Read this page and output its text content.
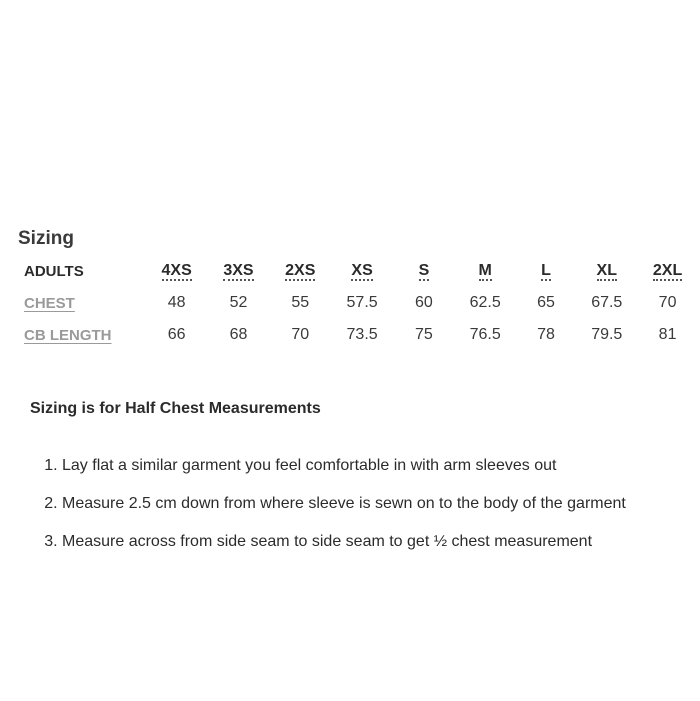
Sizing
ADULTS	4XS	3XS	2XS	XS	S	M	L	XL	2XL
CHEST	48	52	55	57.5	60	62.5	65	67.5	70
CB LENGTH	66	68	70	73.5	75	76.5	78	79.5	81

Sizing is for Half Chest Measurements

1. Lay flat a similar garment you feel comfortable in with arm sleeves out
2. Measure 2.5 cm down from where sleeve is sewn on to the body of the garment
3. Measure across from side seam to side seam to get ½ chest measurement
